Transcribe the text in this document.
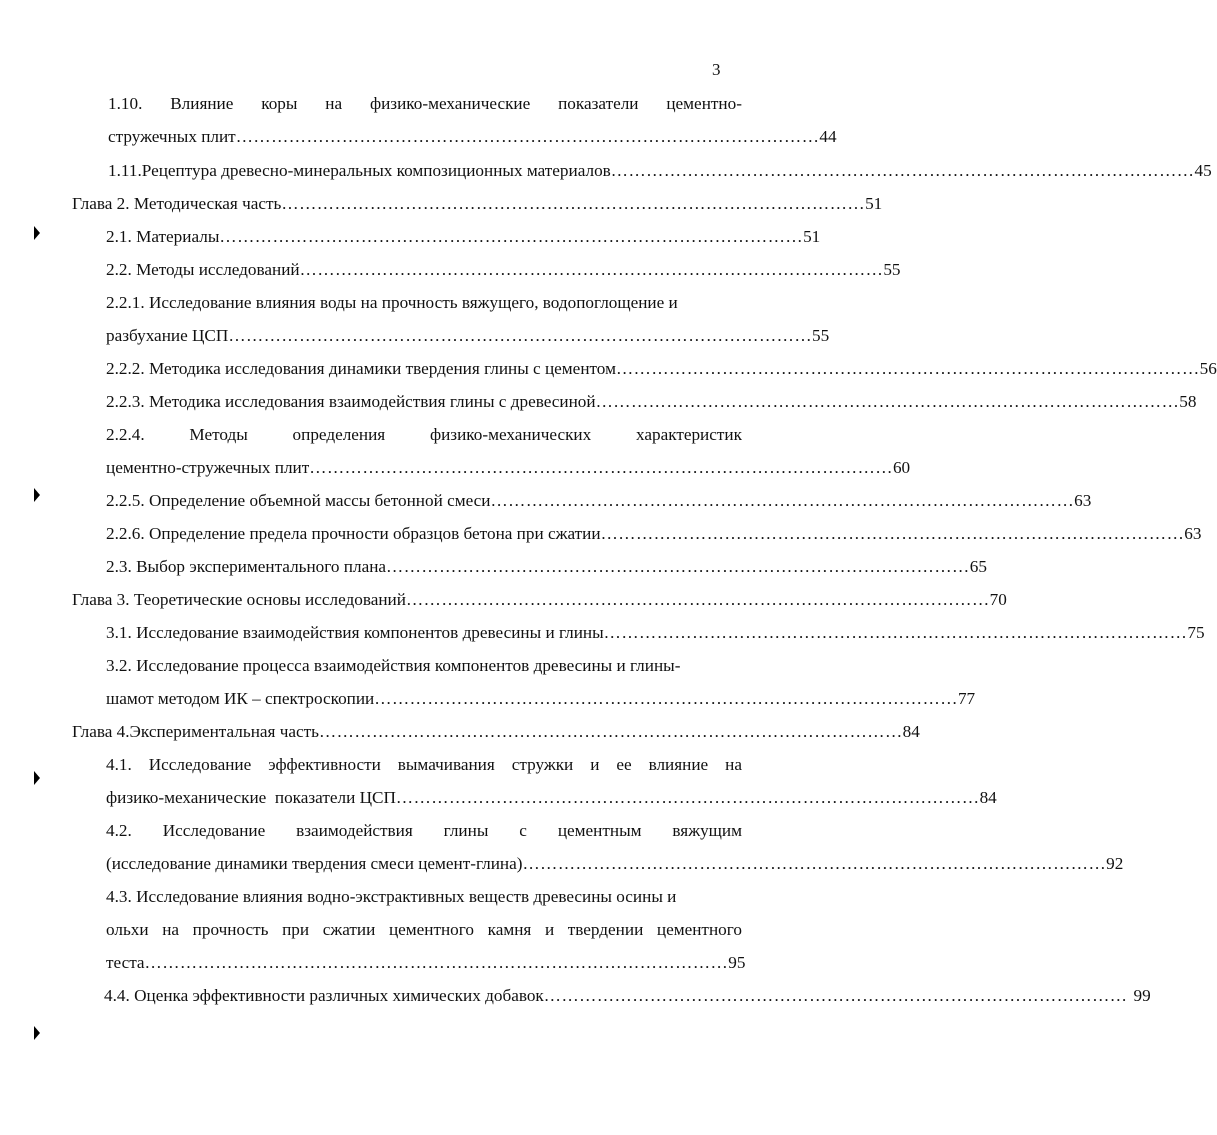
3
1.10. Влияние коры на физико-механические показатели цементно-
стружечных плит ……………………………………………………………………………………… 44
1.11.Рецептура древесно-минеральных композиционных материалов ……………………………………………………………………………………… 45
Глава 2. Методическая часть ……………………………………………………………………………………… 51
2.1. Материалы ……………………………………………………………………………………… 51
2.2. Методы исследований ……………………………………………………………………………………… 55
2.2.1. Исследование влияния воды на прочность вяжущего, водопоглощение и
разбухание ЦСП ……………………………………………………………………………………… 55
2.2.2. Методика исследования динамики твердения глины с цементом ……………………………………………………………………………………… 56
2.2.3. Методика исследования взаимодействия глины с древесиной ……………………………………………………………………………………… 58
2.2.4.	Методы	определения	физико-механических	характеристик
цементно-стружечных плит ……………………………………………………………………………………… 60
2.2.5. Определение объемной массы бетонной смеси ……………………………………………………………………………………… 63
2.2.6. Определение предела прочности образцов бетона при сжатии ……………………………………………………………………………………… 63
2.3. Выбор экспериментального плана ……………………………………………………………………………………… 65
Глава 3. Теоретические основы исследований ……………………………………………………………………………………… 70
3.1. Исследование взаимодействия компонентов древесины и глины ……………………………………………………………………………………… 75
3.2. Исследование процесса взаимодействия компонентов древесины и глины-
шамот методом ИК – спектроскопии ……………………………………………………………………………………… 77
Глава 4.Экспериментальная часть ……………………………………………………………………………………… 84
4.1. Исследование эффективности вымачивания стружки и ее влияние на
физико-механические  показатели ЦСП ……………………………………………………………………………………… 84
4.2. Исследование взаимодействия глины с цементным вяжущим
(исследование динамики твердения смеси цемент-глина) ……………………………………………………………………………………… 92
4.3. Исследование влияния водно-экстрактивных веществ древесины осины и
ольхи на прочность при сжатии цементного камня и твердении цементного
теста ……………………………………………………………………………………… 95
4.4. Оценка эффективности различных химических добавок ……………………………………………………………………………………… 99
